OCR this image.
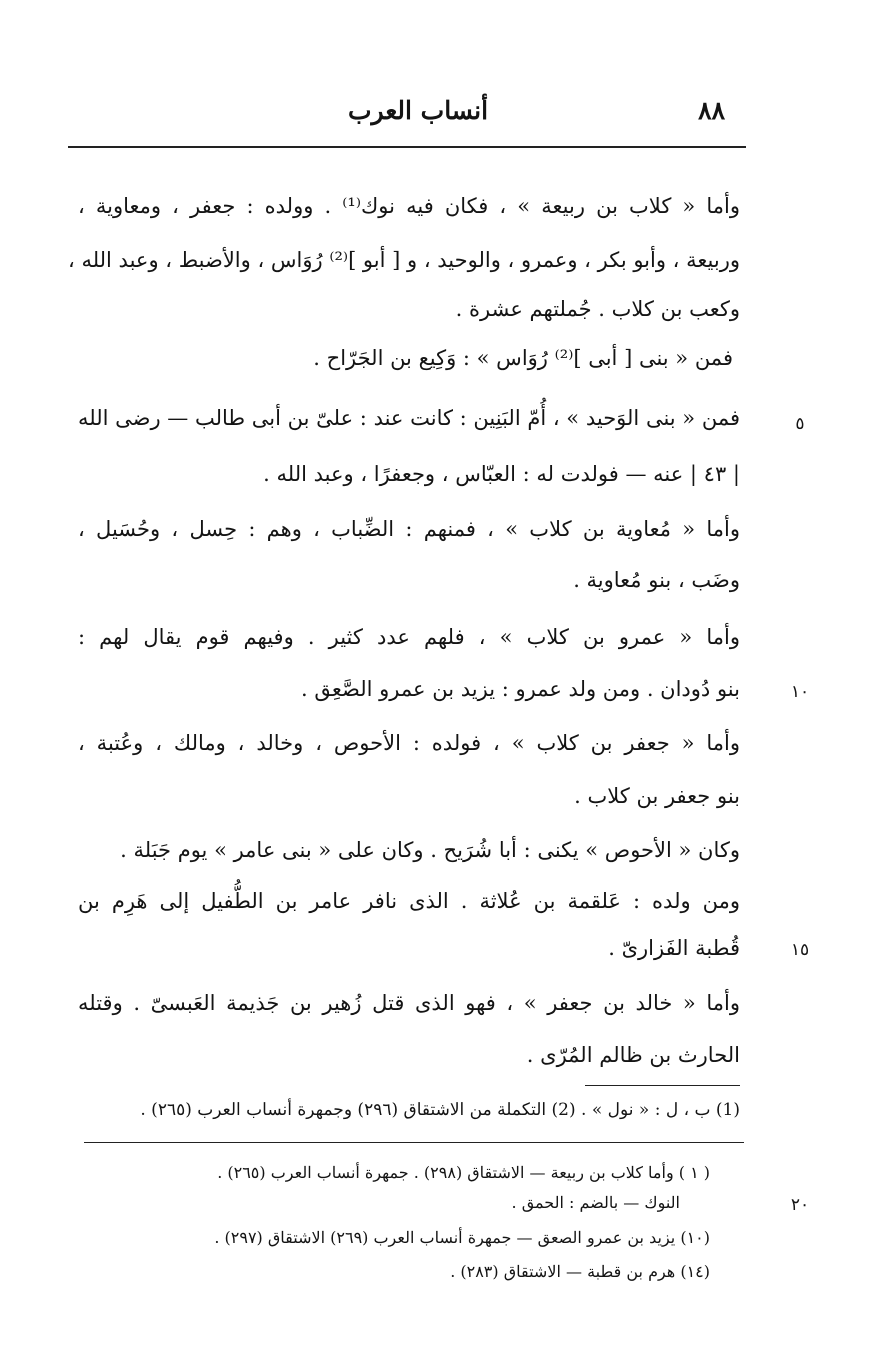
٨٨
أنساب العرب
وأما « كلاب بن ربيعة » ، فكان فيه نوك⁽¹⁾ . وولده : جعفر ، ومعاوية ،
وربيعة ، وأبو بكر ، وعمرو ، والوحيد ، و [ أبو ]⁽²⁾ رُوَاس ، والأضبط ، وعبد الله ،
وكعب بن كلاب . جُملتهم عشرة .
فمن « بنى [ أبى ]⁽²⁾ رُوَاس » : وَكِيع بن الجَرّاح .
فمن « بنى الوَحيد » ، أُمّ البَنِين : كانت عند : علىّ بن أبى طالب — رضى الله
| ٤٣ | عنه — فولدت له : العبّاس ، وجعفرًا ، وعبد الله .
وأما « مُعاوية بن كلاب » ، فمنهم : الضِّباب ، وهم : حِسل ، وحُسَيل ،
وضَب ، بنو مُعاوية .
وأما « عمرو بن كلاب » ، فلهم عدد كثير . وفيهم قوم يقال لهم :
بنو دُودان . ومن ولد عمرو : يزيد بن عمرو الصَّعِق .
وأما « جعفر بن كلاب » ، فولده : الأحوص ، وخالد ، ومالك ، وعُتبة ،
بنو جعفر بن كلاب .
وكان « الأحوص » يكنى : أبا شُرَيح . وكان على « بنى عامر » يوم جَبَلة .
ومن ولده : عَلقمة بن عُلاثة . الذى نافر عامر بن الطُّفيل إلى هَرِم بن
قُطبة الفَزارىّ .
وأما « خالد بن جعفر » ، فهو الذى قتل زُهير بن جَذيمة العَبسىّ . وقتله
الحارث بن ظالم المُرّى .
٥
١٠
١٥
٢٠
(1) ب ، ل : « نول » . (2) التكملة من الاشتقاق (٢٩٦) وجمهرة أنساب العرب (٢٦٥) .
( ١ ) وأما كلاب بن ربيعة — الاشتقاق (٢٩٨) . جمهرة أنساب العرب (٢٦٥) .
النوك — بالضم : الحمق .
(١٠) يزيد بن عمرو الصعق — جمهرة أنساب العرب (٢٦٩) الاشتقاق (٢٩٧) .
(١٤) هرم بن قطبة — الاشتقاق (٢٨٣) .
